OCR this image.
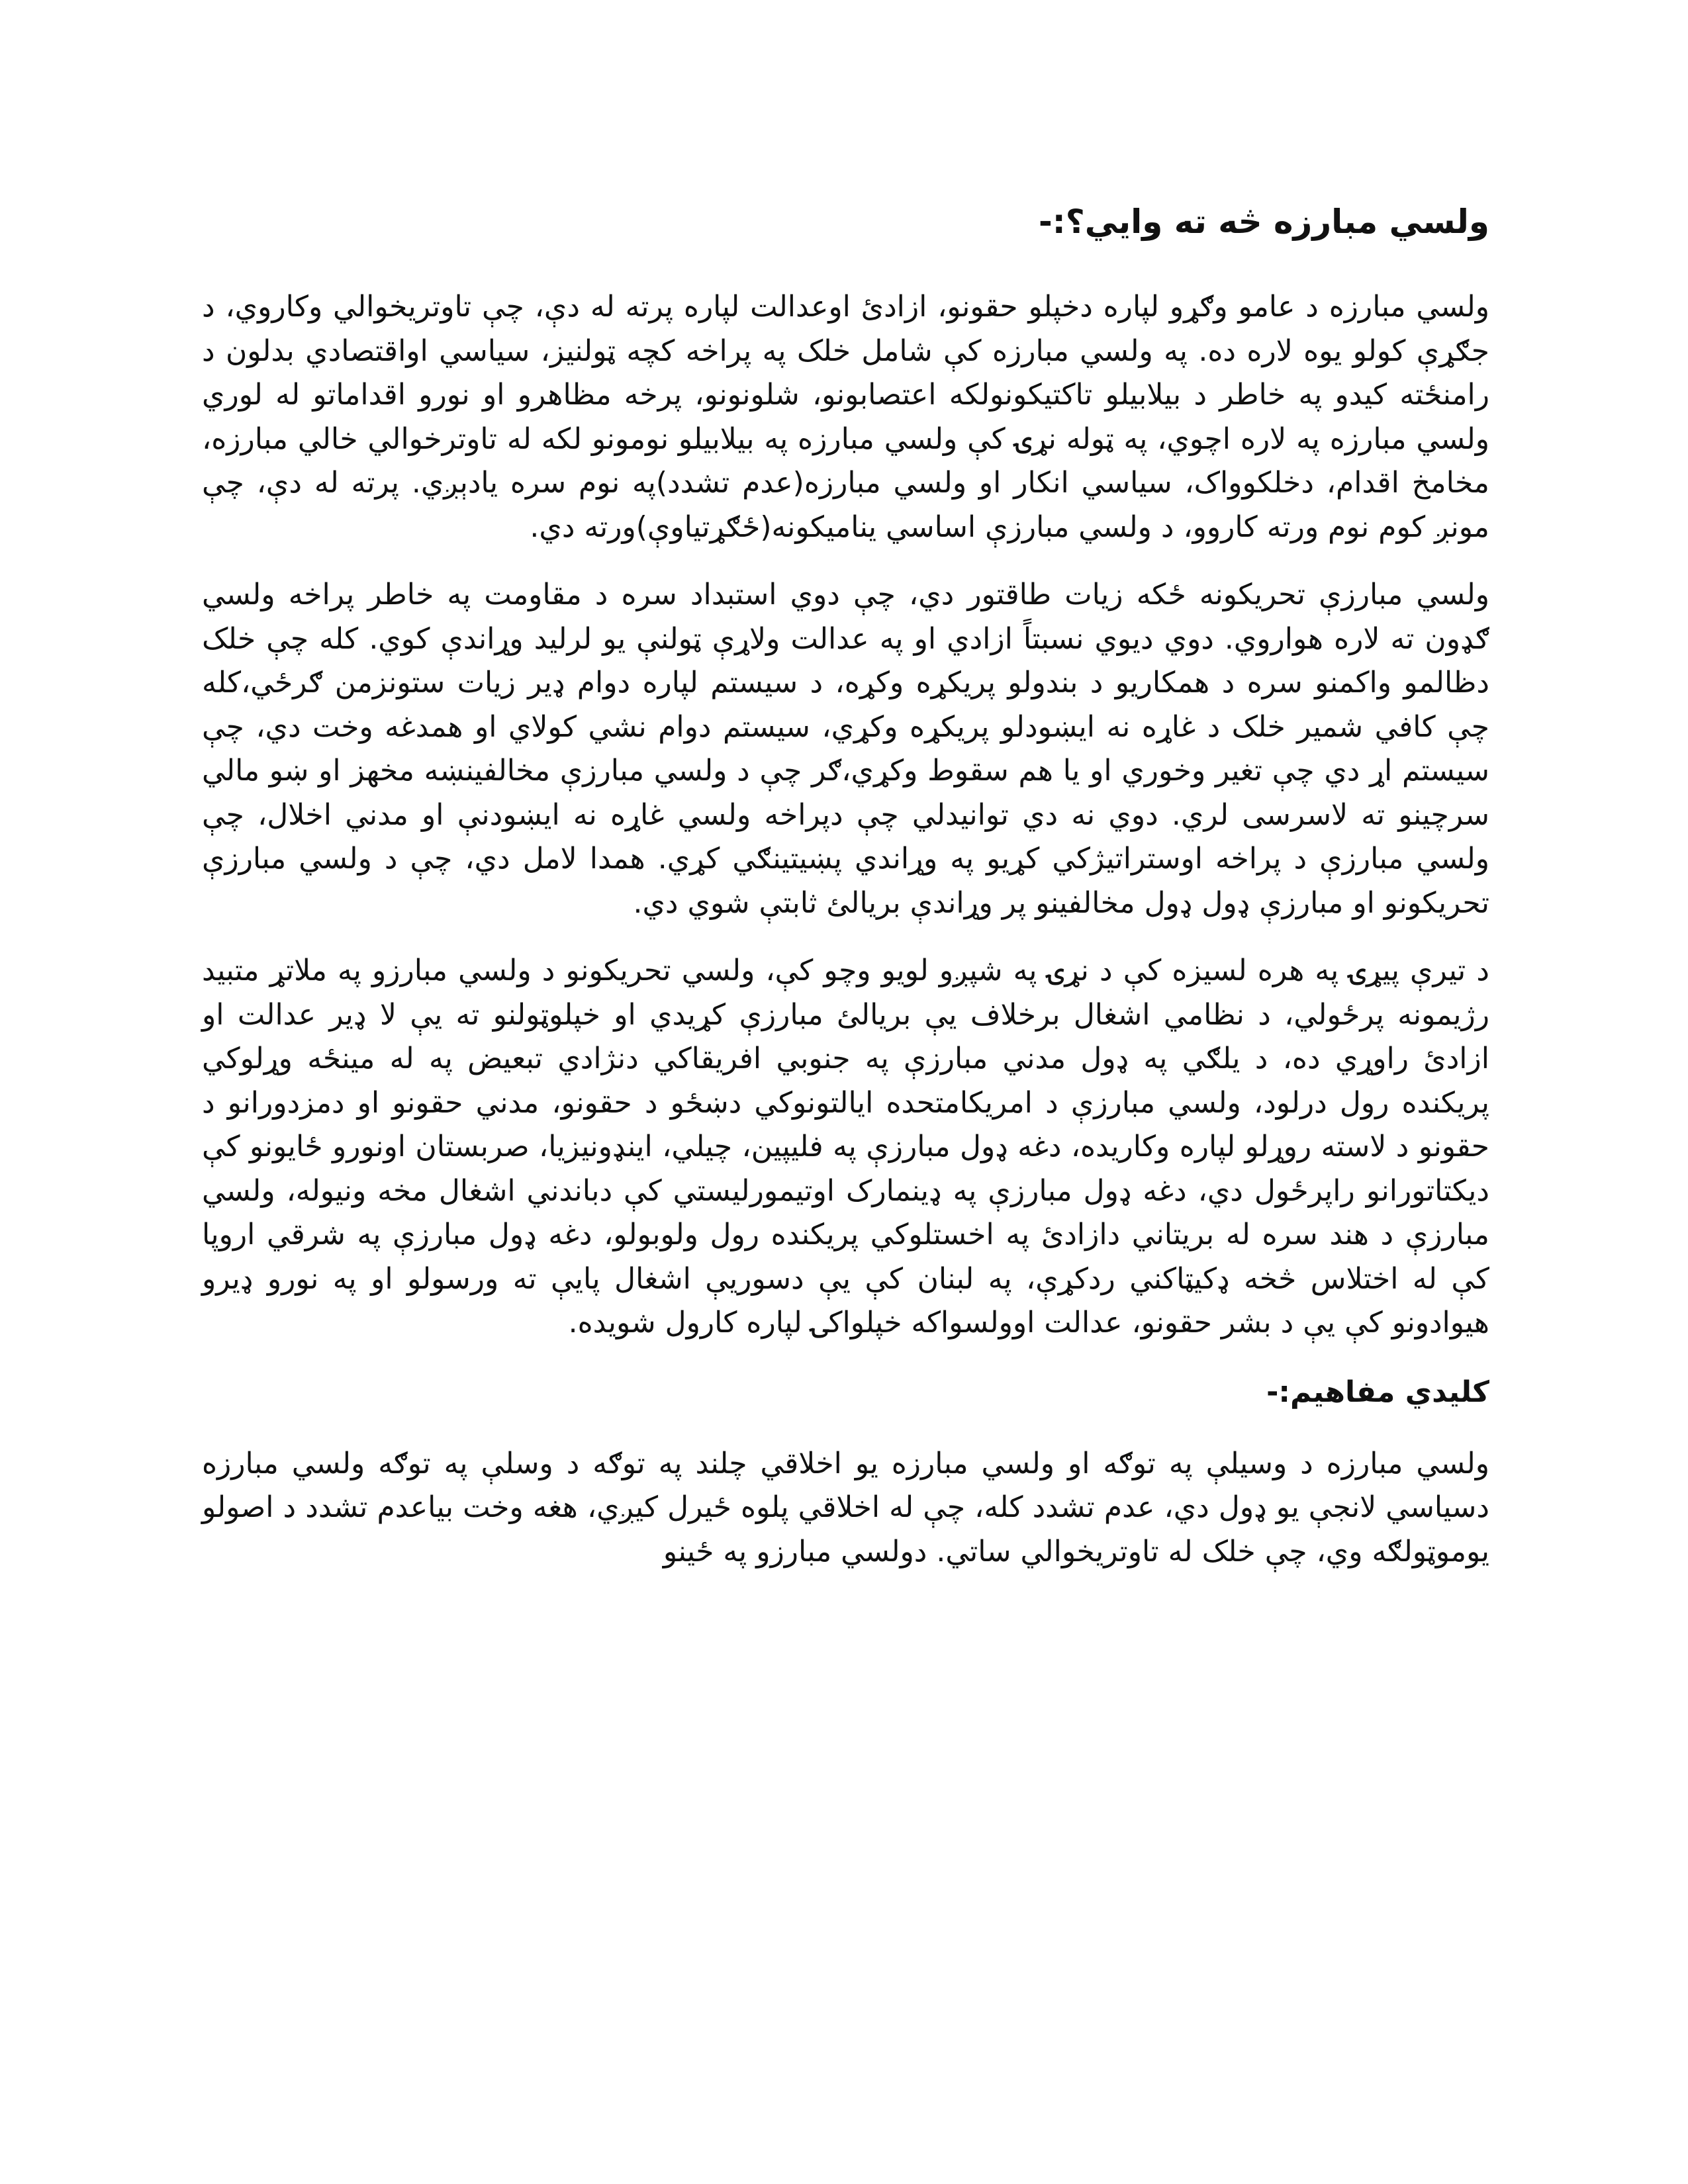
ولسي مبارزه څه ته وايي؟:-

ولسي مبارزه د عامو وګړو لپاره دخپلو حقونو، ازادئ اوعدالت لپاره پرته له دې، چې تاوتريخوالي وكاروي، د جګړې كولو يوه لاره ده. په ولسي مبارزه كې شامل خلک په پراخه کچه ټولنيز، سياسي اواقتصادي بدلون د رامنځته کيدو په خاطر د بيلابيلو تاکتيکونولکه اعتصابونو، شلونونو، پرخه مظاهرو او نورو اقداماتو له لوري ولسي مبارزه په لاره اچوي، په ټوله نړۍ کې ولسي مبارزه په بيلابيلو نومونو لکه له تاوترخوالي خالي مبارزه، مخامخ اقدام، دخلکوواک، سياسي انکار او ولسي مبارزه(عدم تشدد)په نوم سره يادېږي. پرته له دې، چې مونږ کوم نوم ورته کاروو، د ولسي مبارزې اساسي يناميکونه(ځګړتياوې)ورته دي.

ولسي مبارزې تحريکونه ځکه زيات طاقتور دي، چې دوي استبداد سره د مقاومت په خاطر پراخه ولسي ګډون ته لاره هواروي. دوي ديوي نسبتاً ازادي او په عدالت ولاړې ټولنې يو لرليد وړاندې کوي. کله چې خلک دظالمو واکمنو سره د همکاريو د بندولو پريکړه وکړه، د سيستم لپاره دوام ډير زيات ستونزمن ګرځي،کله چې کافي شمير خلک د غاړه نه ايښودلو پريکړه وکړي، سيستم دوام نشي کولاي او همدغه وخت دي، چې سيستم اړ دي چې تغير وخوري او يا هم سقوط وکړي،ګر چې د ولسي مبارزې مخالفينښه مخهز او ښو مالي سرچينو ته لاسرسی لري. دوي نه دي توانيدلي چې دپراخه ولسي غاړه نه ايښودنې او مدني اخلال، چې ولسي مبارزې د پراخه اوستراتيژکي کړيو په وړاندي پښيتينګي کړي. همدا لامل دي، چې د ولسي مبارزې تحريکونو او مبارزې ډول ډول مخالفينو پر وړاندې بريالئ ثابتې شوي دي.

د تيرې پيړۍ په هره لسيزه کې د نړۍ په شپږو لويو وچو کې، ولسي تحريکونو د ولسي مبارزو په ملاتړ متبيد رژيمونه پرځولي، د نظامي اشغال برخلاف يې بريالئ مبارزې کړيدي او خپلوټولنو ته يې لا ډير عدالت او ازادئ راوړي ده، د يلګي په ډول مدني مبارزې په جنوبي افريقاکي دنژادي تبعيض په له مينځه وړلوکي پريکنده رول درلود، ولسي مبارزې د امريکامتحده ايالتونوکي دښځو د حقونو، مدني حقونو او دمزدورانو د حقونو د لاسته روړلو لپاره وکاريده، دغه ډول مبارزې په فليپين، چيلي، اينډونيزيا، صربستان اونورو ځايونو کې ديکتاتورانو راپرځول دي، دغه ډول مبارزې په ډينمارک اوتيمورليستي کې دباندني اشغال مخه ونيوله، ولسي مبارزې د هند سره له بريتاني دازادئ په اخستلوکي پريکنده رول ولوبولو، دغه ډول مبارزې په شرقي اروپا کې له اختلاس څخه ډکيټاکني ردکړې، په لبنان کې يې دسوريې اشغال پايې ته ورسولو او په نورو ډيرو هيوادونو کې يې د بشر حقونو، عدالت اوولسواکه خپلواکۍ لپاره کارول شويده.

کليدي مفاهيم:-

ولسي مبارزه د وسيلې په توګه او ولسي مبارزه يو اخلاقي چلند په توګه د وسلې په توګه ولسي مبارزه دسياسي لانجې يو ډول دي، عدم تشدد کله، چې له اخلاقي پلوه ځيرل کيږي، هغه وخت بياعدم تشدد د اصولو يوموټولګه وي، چې خلک له تاوتريخوالي ساتي. دولسي مبارزو په ځينو
